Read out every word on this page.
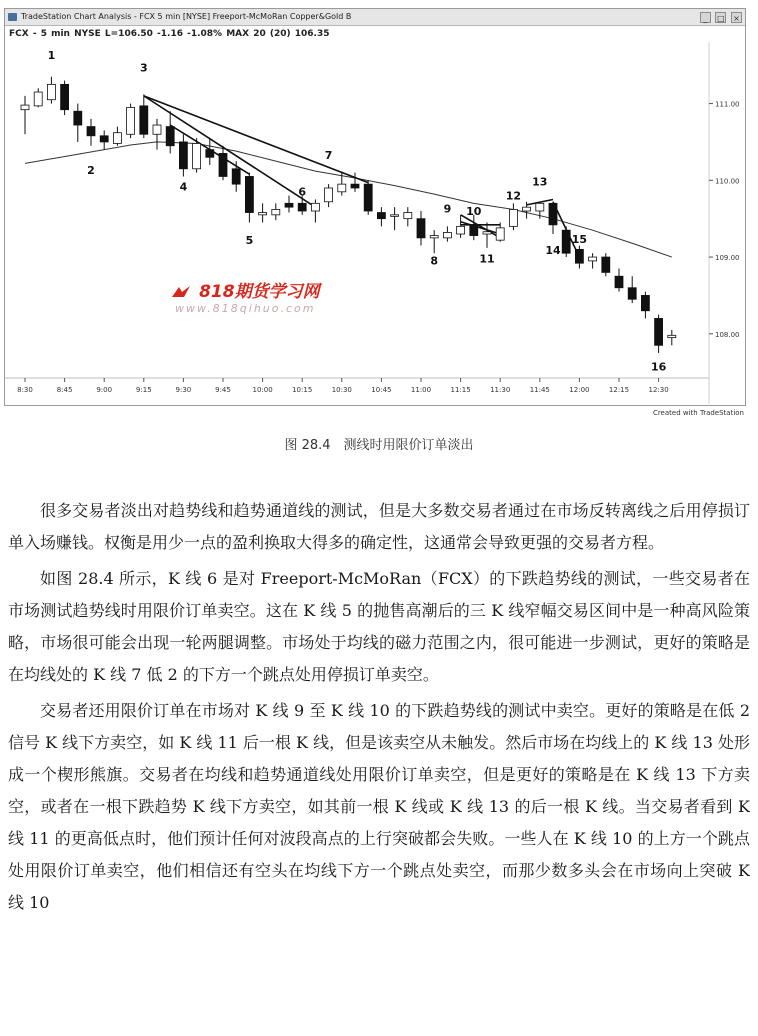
TradeStation Chart Analysis - FCX 5 min [NYSE] Freeport-McMoRan Copper&Gold B	_ □ ×
FCX - 5 min NYSE L=106.50 -1.16 -1.08% MAX 20 (20) 106.35
108.00
109.00
110.00
111.00
8:30	8:45	9:00	9:15	9:30	9:45	10:00	10:15	10:30	10:45	11:00	11:15	11:30	11:45	12:00	12:15	12:30
1
2
3
4
5
6
7
8
9 10
11
12
13
14
15
16
818期货学习网
www.818qihuo.com
Created with TradeStation
图 28.4　测线时用限价订单淡出

很多交易者淡出对趋势线和趋势通道线的测试，但是大多数交易者通过在市场反转离线之后用停损订单入场赚钱。权衡是用少一点的盈利换取大得多的确定性，这通常会导致更强的交易者方程。

如图 28.4 所示，K 线 6 是对 Freeport-McMoRan（FCX）的下跌趋势线的测试，一些交易者在市场测试趋势线时用限价订单卖空。这在 K 线 5 的抛售高潮后的三 K 线窄幅交易区间中是一种高风险策略，市场很可能会出现一轮两腿调整。市场处于均线的磁力范围之内，很可能进一步测试，更好的策略是在均线处的 K 线 7 低 2 的下方一个跳点处用停损订单卖空。

交易者还用限价订单在市场对 K 线 9 至 K 线 10 的下跌趋势线的测试中卖空。更好的策略是在低 2 信号 K 线下方卖空，如 K 线 11 后一根 K 线，但是该卖空从未触发。然后市场在均线上的 K 线 13 处形成一个楔形熊旗。交易者在均线和趋势通道线处用限价订单卖空，但是更好的策略是在 K 线 13 下方卖空，或者在一根下跌趋势 K 线下方卖空，如其前一根 K 线或 K 线 13 的后一根 K 线。当交易者看到 K 线 11 的更高低点时，他们预计任何对波段高点的上行突破都会失败。一些人在 K 线 10 的上方一个跳点处用限价订单卖空，他们相信还有空头在均线下方一个跳点处卖空，而那少数多头会在市场向上突破 K 线 10
